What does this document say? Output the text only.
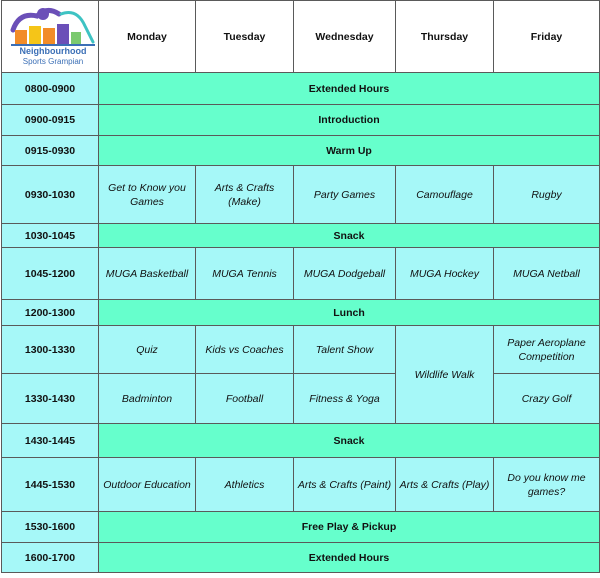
Neighbourhood
Sports Grampian	Monday	Tuesday	Wednesday	Thursday	Friday
0800-0900	Extended Hours				
0900-0915	Introduction				
0915-0930	Warm Up				
0930-1030	Get to Know you Games	Arts & Crafts (Make)	Party Games	Camouflage	Rugby
1030-1045	Snack				
1045-1200	MUGA Basketball	MUGA Tennis	MUGA Dodgeball	MUGA Hockey	MUGA Netball
1200-1300	Lunch				
1300-1330	Quiz	Kids vs Coaches	Talent Show	Wildlife Walk	Paper Aeroplane Competition
1330-1430	Badminton	Football	Fitness & Yoga		Crazy Golf
1430-1445	Snack				
1445-1530	Outdoor Education	Athletics	Arts & Crafts (Paint)	Arts & Crafts (Play)	Do you know me games?
1530-1600	Free Play & Pickup				
1600-1700	Extended Hours				
